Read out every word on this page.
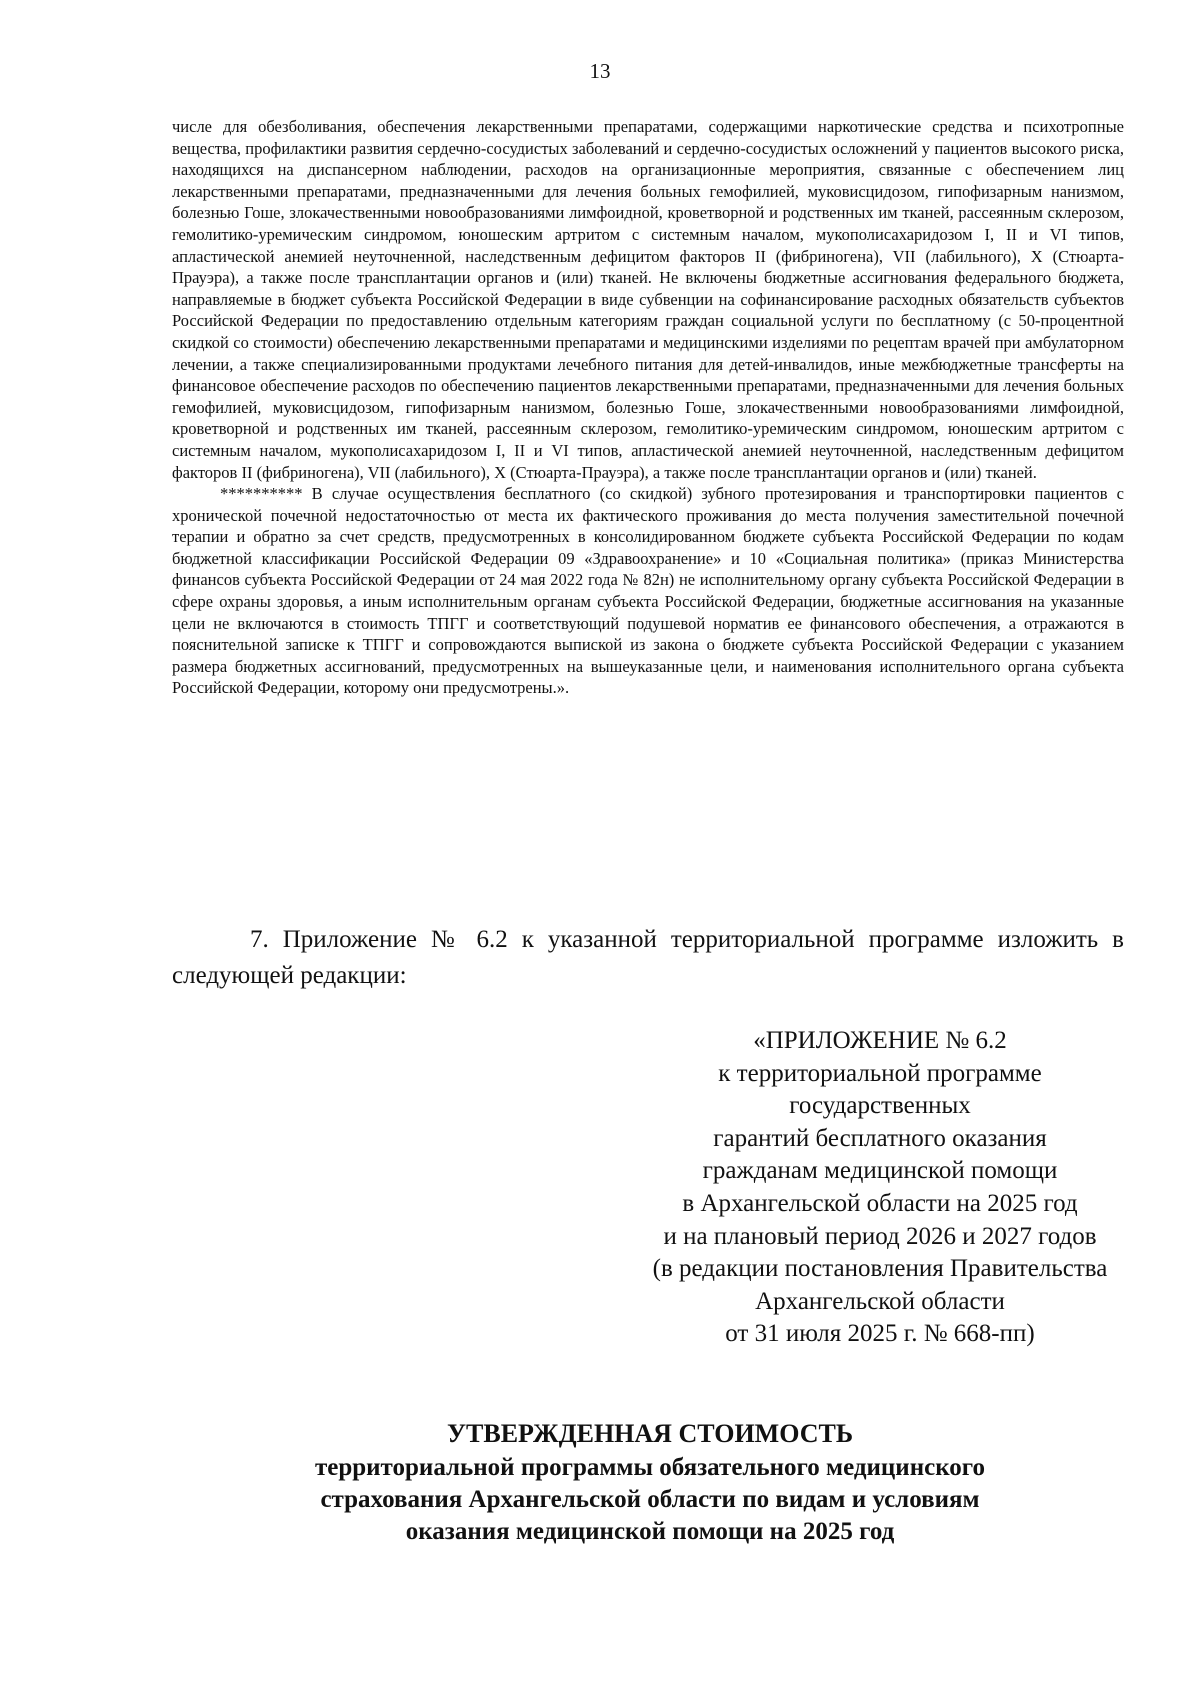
13

числе для обезболивания, обеспечения лекарственными препаратами, содержащими наркотические средства и психотропные вещества, профилактики развития сердечно-сосудистых заболеваний и сердечно-сосудистых осложнений у пациентов высокого риска, находящихся на диспансерном наблюдении, расходов на организационные мероприятия, связанные с обеспечением лиц лекарственными препаратами, предназначенными для лечения больных гемофилией, муковисцидозом, гипофизарным нанизмом, болезнью Гоше, злокачественными новообразованиями лимфоидной, кроветворной и родственных им тканей, рассеянным склерозом, гемолитико-уремическим синдромом, юношеским артритом с системным началом, мукополисахаридозом I, II и VI типов, апластической анемией неуточненной, наследственным дефицитом факторов II (фибриногена), VII (лабильного), X (Стюарта-Прауэра), а также после трансплантации органов и (или) тканей. Не включены бюджетные ассигнования федерального бюджета, направляемые в бюджет субъекта Российской Федерации в виде субвенции на софинансирование расходных обязательств субъектов Российской Федерации по предоставлению отдельным категориям граждан социальной услуги по бесплатному (с 50-процентной скидкой со стоимости) обеспечению лекарственными препаратами и медицинскими изделиями по рецептам врачей при амбулаторном лечении, а также специализированными продуктами лечебного питания для детей-инвалидов, иные межбюджетные трансферты на финансовое обеспечение расходов по обеспечению пациентов лекарственными препаратами, предназначенными для лечения больных гемофилией, муковисцидозом, гипофизарным нанизмом, болезнью Гоше, злокачественными новообразованиями лимфоидной, кроветворной и родственных им тканей, рассеянным склерозом, гемолитико-уремическим синдромом, юношеским артритом с системным началом, мукополисахаридозом I, II и VI типов, апластической анемией неуточненной, наследственным дефицитом факторов II (фибриногена), VII (лабильного), X (Стюарта-Прауэра), а также после трансплантации органов и (или) тканей.

********** В случае осуществления бесплатного (со скидкой) зубного протезирования и транспортировки пациентов с хронической почечной недостаточностью от места их фактического проживания до места получения заместительной почечной терапии и обратно за счет средств, предусмотренных в консолидированном бюджете субъекта Российской Федерации по кодам бюджетной классификации Российской Федерации 09 «Здравоохранение» и 10 «Социальная политика» (приказ Министерства финансов субъекта Российской Федерации от 24 мая 2022 года № 82н) не исполнительному органу субъекта Российской Федерации в сфере охраны здоровья, а иным исполнительным органам субъекта Российской Федерации, бюджетные ассигнования на указанные цели не включаются в стоимость ТПГГ и соответствующий подушевой норматив ее финансового обеспечения, а отражаются в пояснительной записке к ТПГГ и сопровождаются выпиской из закона о бюджете субъекта Российской Федерации с указанием размера бюджетных ассигнований, предусмотренных на вышеуказанные цели, и наименования исполнительного органа субъекта Российской Федерации, которому они предусмотрены.».

7. Приложение № 6.2 к указанной территориальной программе изложить в следующей редакции:

«ПРИЛОЖЕНИЕ № 6.2
к территориальной программе
государственных
гарантий бесплатного оказания
гражданам медицинской помощи
в Архангельской области на 2025 год
и на плановый период 2026 и 2027 годов
(в редакции постановления Правительства
Архангельской области
от 31 июля 2025 г. № 668-пп)
УТВЕРЖДЕННАЯ СТОИМОСТЬ
территориальной программы обязательного медицинского
страхования Архангельской области по видам и условиям
оказания медицинской помощи на 2025 год
